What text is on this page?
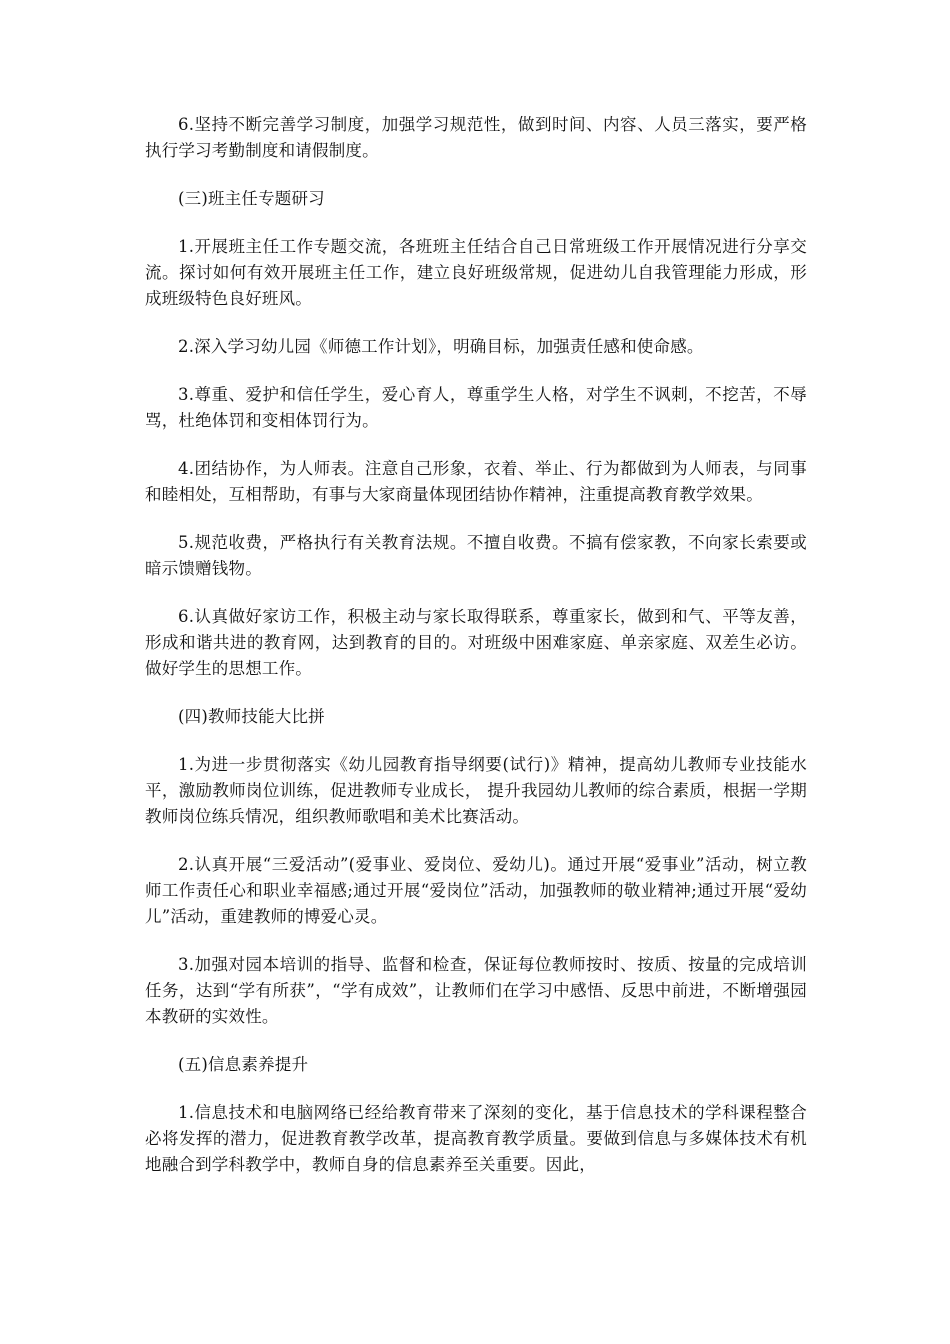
6.坚持不断完善学习制度，加强学习规范性，做到时间、内容、人员三落实，要严格执行学习考勤制度和请假制度。

(三)班主任专题研习

1.开展班主任工作专题交流，各班班主任结合自己日常班级工作开展情况进行分享交流。探讨如何有效开展班主任工作，建立良好班级常规，促进幼儿自我管理能力形成，形成班级特色良好班风。

2.深入学习幼儿园《师德工作计划》，明确目标，加强责任感和使命感。

3.尊重、爱护和信任学生，爱心育人，尊重学生人格，对学生不讽刺，不挖苦，不辱骂，杜绝体罚和变相体罚行为。

4.团结协作，为人师表。注意自己形象，衣着、举止、行为都做到为人师表，与同事和睦相处，互相帮助，有事与大家商量体现团结协作精神，注重提高教育教学效果。

5.规范收费，严格执行有关教育法规。不擅自收费。不搞有偿家教，不向家长索要或暗示馈赠钱物。

6.认真做好家访工作，积极主动与家长取得联系，尊重家长，做到和气、平等友善，形成和谐共进的教育网，达到教育的目的。对班级中困难家庭、单亲家庭、双差生必访。做好学生的思想工作。

(四)教师技能大比拼

1.为进一步贯彻落实《幼儿园教育指导纲要(试行)》精神，提高幼儿教师专业技能水平，激励教师岗位训练，促进教师专业成长， 提升我园幼儿教师的综合素质，根据一学期教师岗位练兵情况，组织教师歌唱和美术比赛活动。

2.认真开展“三爱活动”(爱事业、爱岗位、爱幼儿)。通过开展“爱事业”活动，树立教师工作责任心和职业幸福感;通过开展“爱岗位”活动，加强教师的敬业精神;通过开展“爱幼儿”活动，重建教师的博爱心灵。

3.加强对园本培训的指导、监督和检查，保证每位教师按时、按质、按量的完成培训任务，达到“学有所获”，“学有成效”，让教师们在学习中感悟、反思中前进，不断增强园本教研的实效性。

(五)信息素养提升

1.信息技术和电脑网络已经给教育带来了深刻的变化，基于信息技术的学科课程整合必将发挥的潜力，促进教育教学改革，提高教育教学质量。要做到信息与多媒体技术有机地融合到学科教学中，教师自身的信息素养至关重要。因此，
